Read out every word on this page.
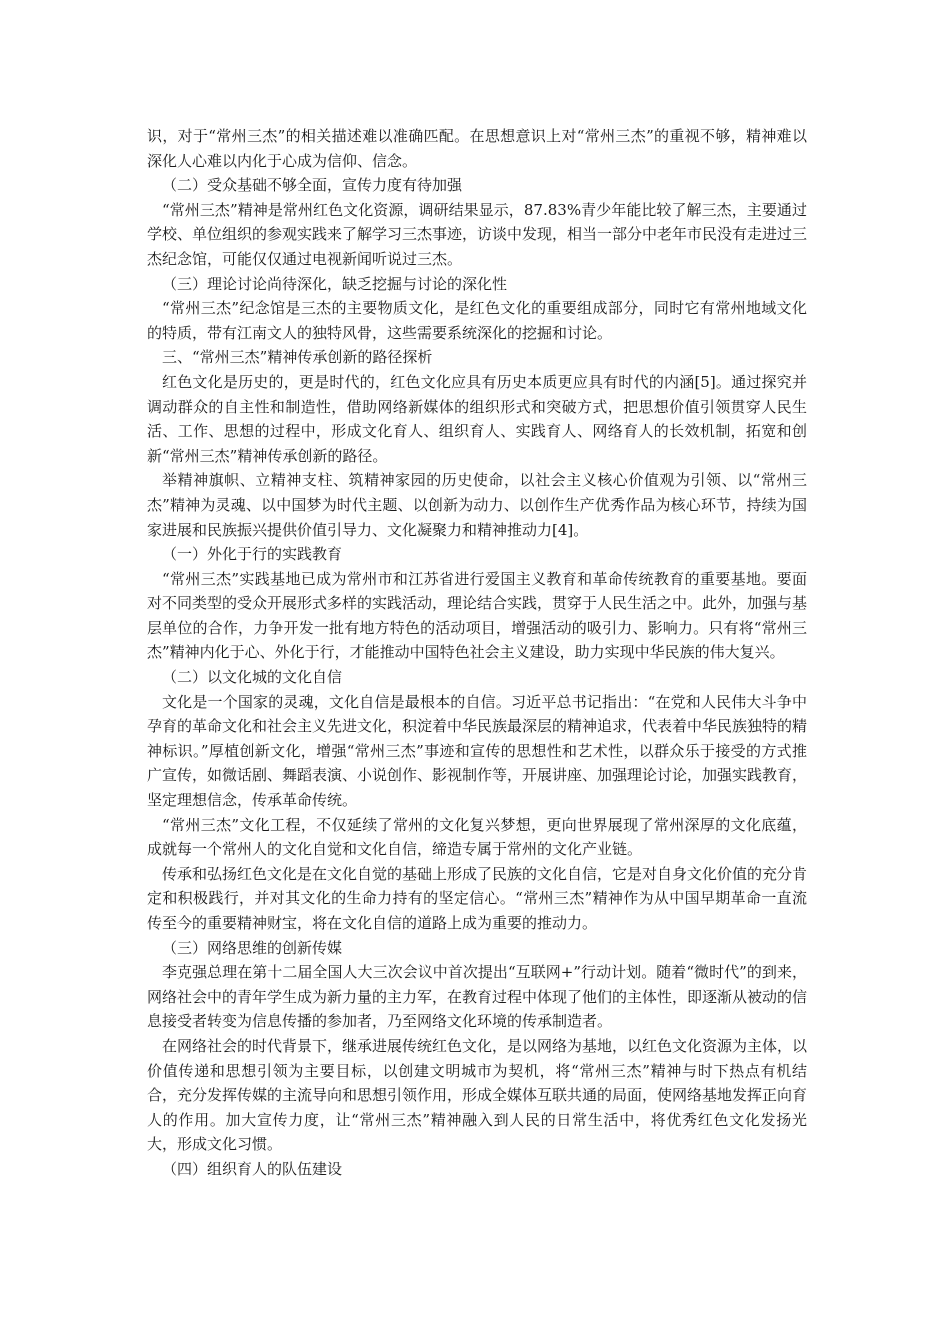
识，对于“常州三杰”的相关描述难以准确匹配。在思想意识上对“常州三杰”的重视不够，精神难以深化人心难以内化于心成为信仰、信念。

（二）受众基础不够全面，宣传力度有待加强

“常州三杰”精神是常州红色文化资源，调研结果显示，87.83%青少年能比较了解三杰，主要通过学校、单位组织的参观实践来了解学习三杰事迹，访谈中发现，相当一部分中老年市民没有走进过三杰纪念馆，可能仅仅通过电视新闻听说过三杰。

（三）理论讨论尚待深化，缺乏挖掘与讨论的深化性

“常州三杰”纪念馆是三杰的主要物质文化，是红色文化的重要组成部分，同时它有常州地域文化的特质，带有江南文人的独特风骨，这些需要系统深化的挖掘和讨论。

三、“常州三杰”精神传承创新的路径探析

红色文化是历史的，更是时代的，红色文化应具有历史本质更应具有时代的内涵[5]。通过探究并调动群众的自主性和制造性，借助网络新媒体的组织形式和突破方式，把思想价值引领贯穿人民生活、工作、思想的过程中，形成文化育人、组织育人、实践育人、网络育人的长效机制，拓宽和创新“常州三杰”精神传承创新的路径。

举精神旗帜、立精神支柱、筑精神家园的历史使命，以社会主义核心价值观为引领、以“常州三杰”精神为灵魂、以中国梦为时代主题、以创新为动力、以创作生产优秀作品为核心环节，持续为国家进展和民族振兴提供价值引导力、文化凝聚力和精神推动力[4]。

（一）外化于行的实践教育

“常州三杰”实践基地已成为常州市和江苏省进行爱国主义教育和革命传统教育的重要基地。要面对不同类型的受众开展形式多样的实践活动，理论结合实践，贯穿于人民生活之中。此外，加强与基层单位的合作，力争开发一批有地方特色的活动项目，增强活动的吸引力、影响力。只有将“常州三杰”精神内化于心、外化于行，才能推动中国特色社会主义建设，助力实现中华民族的伟大复兴。

（二）以文化城的文化自信

文化是一个国家的灵魂，文化自信是最根本的自信。习近平总书记指出：“在党和人民伟大斗争中孕育的革命文化和社会主义先进文化，积淀着中华民族最深层的精神追求，代表着中华民族独特的精神标识。”厚植创新文化，增强“常州三杰”事迹和宣传的思想性和艺术性，以群众乐于接受的方式推广宣传，如微话剧、舞蹈表演、小说创作、影视制作等，开展讲座、加强理论讨论，加强实践教育，坚定理想信念，传承革命传统。

“常州三杰”文化工程，不仅延续了常州的文化复兴梦想，更向世界展现了常州深厚的文化底蕴，成就每一个常州人的文化自觉和文化自信，缔造专属于常州的文化产业链。

传承和弘扬红色文化是在文化自觉的基础上形成了民族的文化自信，它是对自身文化价值的充分肯定和积极践行，并对其文化的生命力持有的坚定信心。“常州三杰”精神作为从中国早期革命一直流传至今的重要精神财宝，将在文化自信的道路上成为重要的推动力。

（三）网络思维的创新传媒

李克强总理在第十二届全国人大三次会议中首次提出“互联网+”行动计划。随着“微时代”的到来，网络社会中的青年学生成为新力量的主力军，在教育过程中体现了他们的主体性，即逐渐从被动的信息接受者转变为信息传播的参加者，乃至网络文化环境的传承制造者。

在网络社会的时代背景下，继承进展传统红色文化，是以网络为基地，以红色文化资源为主体，以价值传递和思想引领为主要目标，以创建文明城市为契机，将“常州三杰”精神与时下热点有机结合，充分发挥传媒的主流导向和思想引领作用，形成全媒体互联共通的局面，使网络基地发挥正向育人的作用。加大宣传力度，让“常州三杰”精神融入到人民的日常生活中，将优秀红色文化发扬光大，形成文化习惯。

（四）组织育人的队伍建设
